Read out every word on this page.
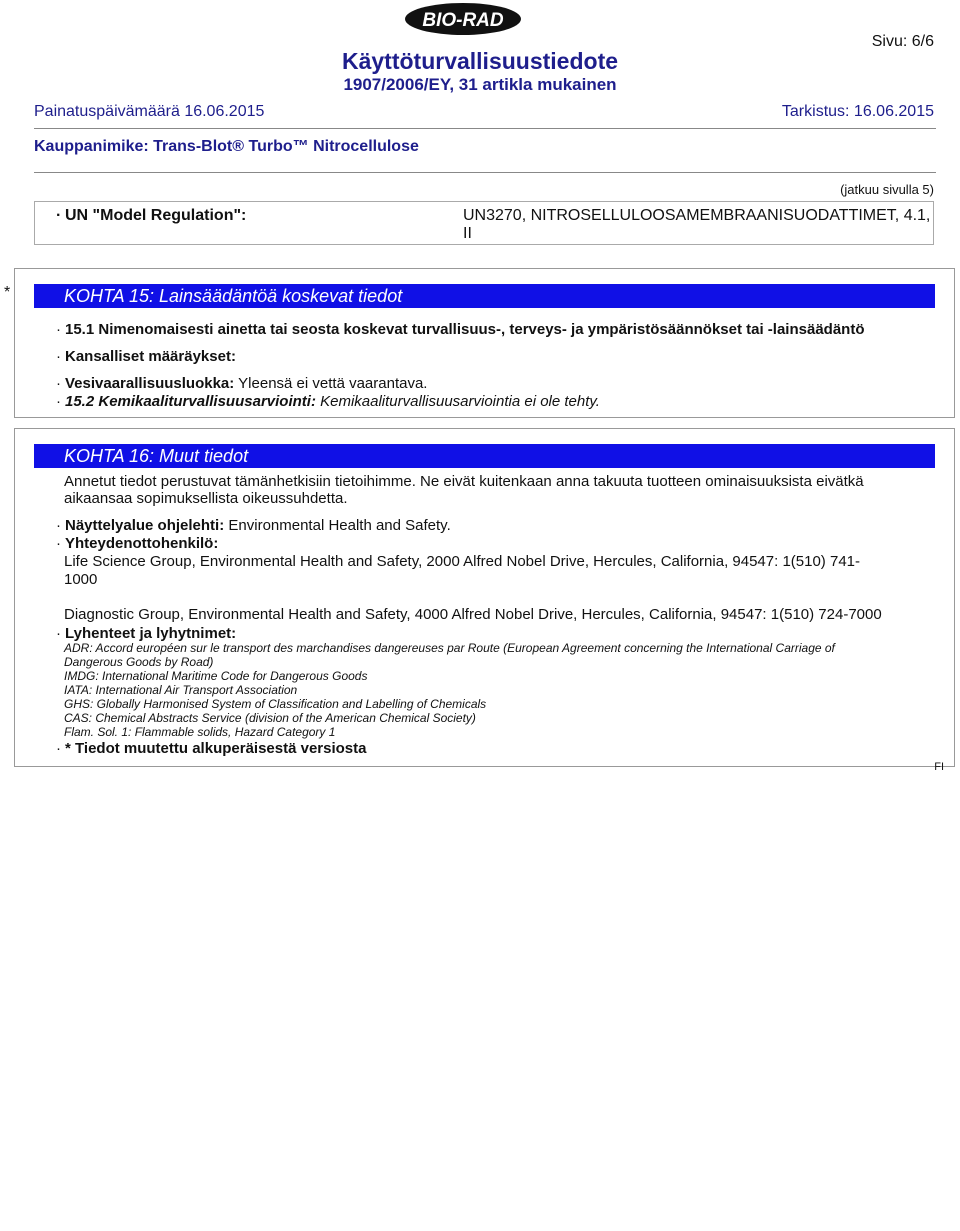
BIO-RAD
Sivu: 6/6
Käyttöturvallisuustiedote
1907/2006/EY, 31 artikla mukainen
Painatuspäivämäärä 16.06.2015	Tarkistus: 16.06.2015
Kauppanimike: Trans-Blot® Turbo™ Nitrocellulose
(jatkuu sivulla 5)
· UN "Model Regulation":	UN3270, NITROSELLULOOSAMEMBRAANISUODATTIMET, 4.1,
II
*	KOHTA 15: Lainsäädäntöä koskevat tiedot
· 15.1 Nimenomaisesti ainetta tai seosta koskevat turvallisuus-, terveys- ja ympäristösäännökset tai -lainsäädäntö
· Kansalliset määräykset:
· Vesivaarallisuusluokka: Yleensä ei vettä vaarantava.
· 15.2 Kemikaaliturvallisuusarviointi: Kemikaaliturvallisuusarviointia ei ole tehty.
KOHTA 16: Muut tiedot
Annetut tiedot perustuvat tämänhetkisiin tietoihimme. Ne eivät kuitenkaan anna takuuta tuotteen ominaisuuksista eivätkä
aikaansaa sopimuksellista oikeussuhdetta.
· Näyttelyalue ohjelehti: Environmental Health and Safety.
· Yhteydenottohenkilö:
Life Science Group, Environmental Health and Safety, 2000 Alfred Nobel Drive, Hercules, California, 94547: 1(510) 741-
1000
Diagnostic Group, Environmental Health and Safety, 4000 Alfred Nobel Drive, Hercules, California, 94547: 1(510) 724-7000
· Lyhenteet ja lyhytnimet:
ADR: Accord européen sur le transport des marchandises dangereuses par Route (European Agreement concerning the International Carriage of
Dangerous Goods by Road)
IMDG: International Maritime Code for Dangerous Goods
IATA: International Air Transport Association
GHS: Globally Harmonised System of Classification and Labelling of Chemicals
CAS: Chemical Abstracts Service (division of the American Chemical Society)
Flam. Sol. 1: Flammable solids, Hazard Category 1
· * Tiedot muutettu alkuperäisestä versiosta
FI
